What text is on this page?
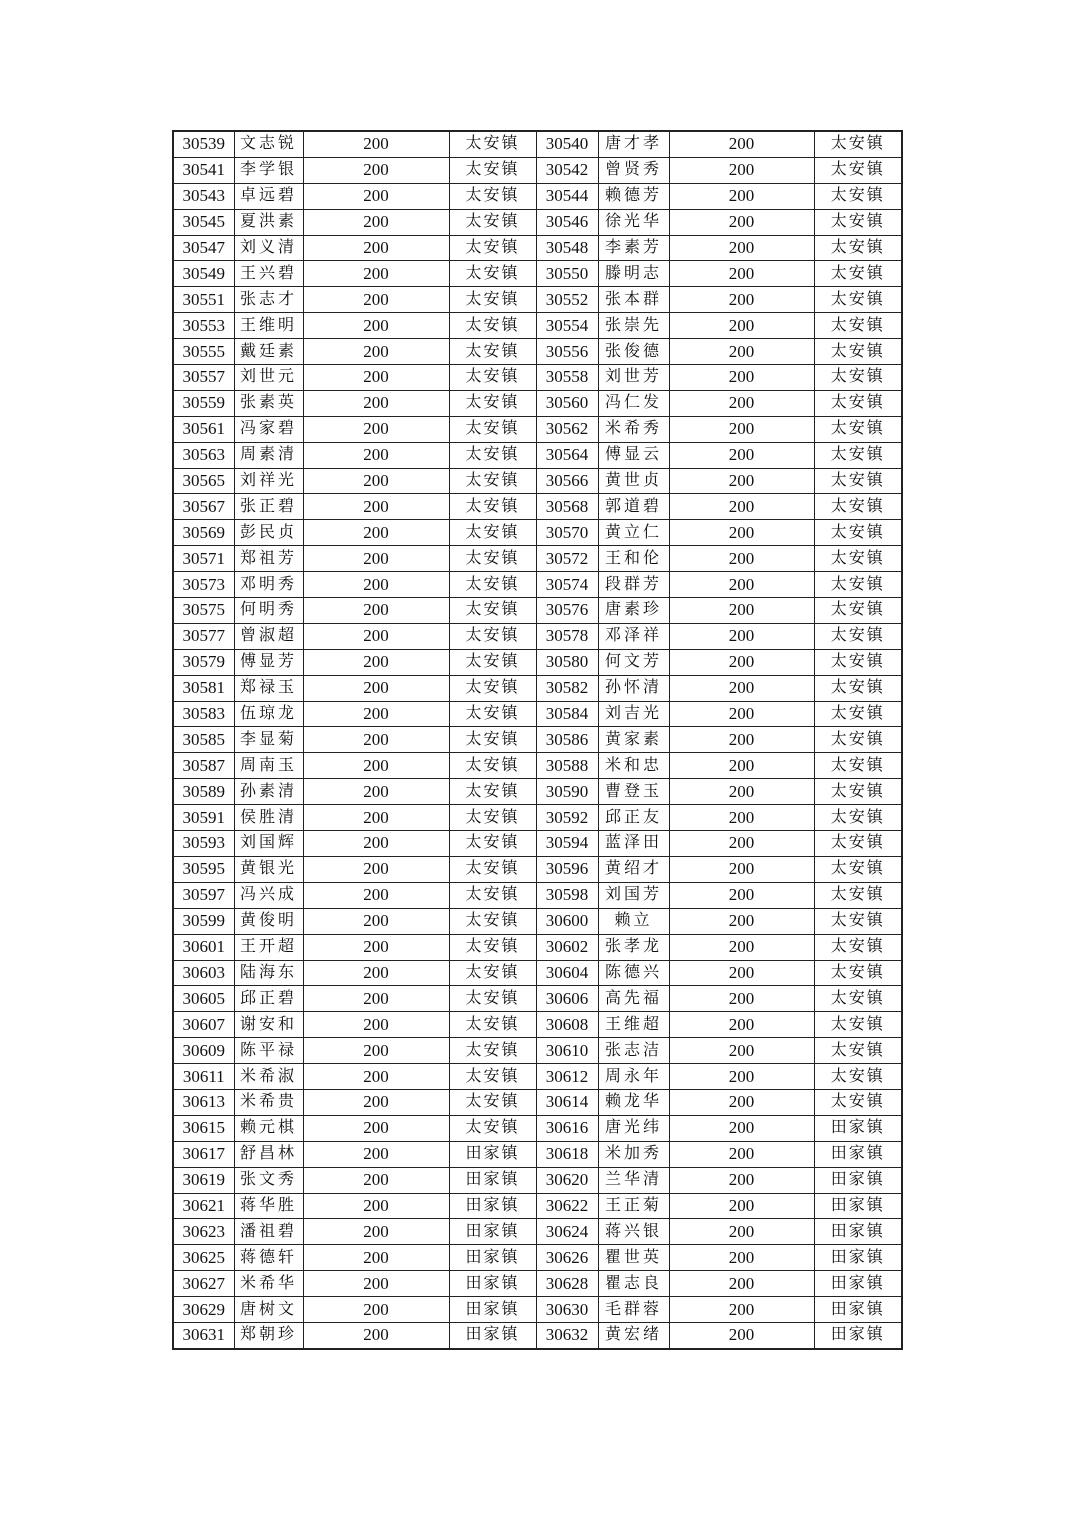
30539	文志锐	200	太安镇	30540	唐才孝	200	太安镇
30541	李学银	200	太安镇	30542	曾贤秀	200	太安镇
30543	卓远碧	200	太安镇	30544	赖德芳	200	太安镇
30545	夏洪素	200	太安镇	30546	徐光华	200	太安镇
30547	刘义清	200	太安镇	30548	李素芳	200	太安镇
30549	王兴碧	200	太安镇	30550	滕明志	200	太安镇
30551	张志才	200	太安镇	30552	张本群	200	太安镇
30553	王维明	200	太安镇	30554	张崇先	200	太安镇
30555	戴廷素	200	太安镇	30556	张俊德	200	太安镇
30557	刘世元	200	太安镇	30558	刘世芳	200	太安镇
30559	张素英	200	太安镇	30560	冯仁发	200	太安镇
30561	冯家碧	200	太安镇	30562	米希秀	200	太安镇
30563	周素清	200	太安镇	30564	傅显云	200	太安镇
30565	刘祥光	200	太安镇	30566	黄世贞	200	太安镇
30567	张正碧	200	太安镇	30568	郭道碧	200	太安镇
30569	彭民贞	200	太安镇	30570	黄立仁	200	太安镇
30571	郑祖芳	200	太安镇	30572	王和伦	200	太安镇
30573	邓明秀	200	太安镇	30574	段群芳	200	太安镇
30575	何明秀	200	太安镇	30576	唐素珍	200	太安镇
30577	曾淑超	200	太安镇	30578	邓泽祥	200	太安镇
30579	傅显芳	200	太安镇	30580	何文芳	200	太安镇
30581	郑禄玉	200	太安镇	30582	孙怀清	200	太安镇
30583	伍琼龙	200	太安镇	30584	刘吉光	200	太安镇
30585	李显菊	200	太安镇	30586	黄家素	200	太安镇
30587	周南玉	200	太安镇	30588	米和忠	200	太安镇
30589	孙素清	200	太安镇	30590	曹登玉	200	太安镇
30591	侯胜清	200	太安镇	30592	邱正友	200	太安镇
30593	刘国辉	200	太安镇	30594	蓝泽田	200	太安镇
30595	黄银光	200	太安镇	30596	黄绍才	200	太安镇
30597	冯兴成	200	太安镇	30598	刘国芳	200	太安镇
30599	黄俊明	200	太安镇	30600	赖立	200	太安镇
30601	王开超	200	太安镇	30602	张孝龙	200	太安镇
30603	陆海东	200	太安镇	30604	陈德兴	200	太安镇
30605	邱正碧	200	太安镇	30606	高先福	200	太安镇
30607	谢安和	200	太安镇	30608	王维超	200	太安镇
30609	陈平禄	200	太安镇	30610	张志洁	200	太安镇
30611	米希淑	200	太安镇	30612	周永年	200	太安镇
30613	米希贵	200	太安镇	30614	赖龙华	200	太安镇
30615	赖元棋	200	太安镇	30616	唐光纬	200	田家镇
30617	舒昌林	200	田家镇	30618	米加秀	200	田家镇
30619	张文秀	200	田家镇	30620	兰华清	200	田家镇
30621	蒋华胜	200	田家镇	30622	王正菊	200	田家镇
30623	潘祖碧	200	田家镇	30624	蒋兴银	200	田家镇
30625	蒋德轩	200	田家镇	30626	瞿世英	200	田家镇
30627	米希华	200	田家镇	30628	瞿志良	200	田家镇
30629	唐树文	200	田家镇	30630	毛群蓉	200	田家镇
30631	郑朝珍	200	田家镇	30632	黄宏绪	200	田家镇
